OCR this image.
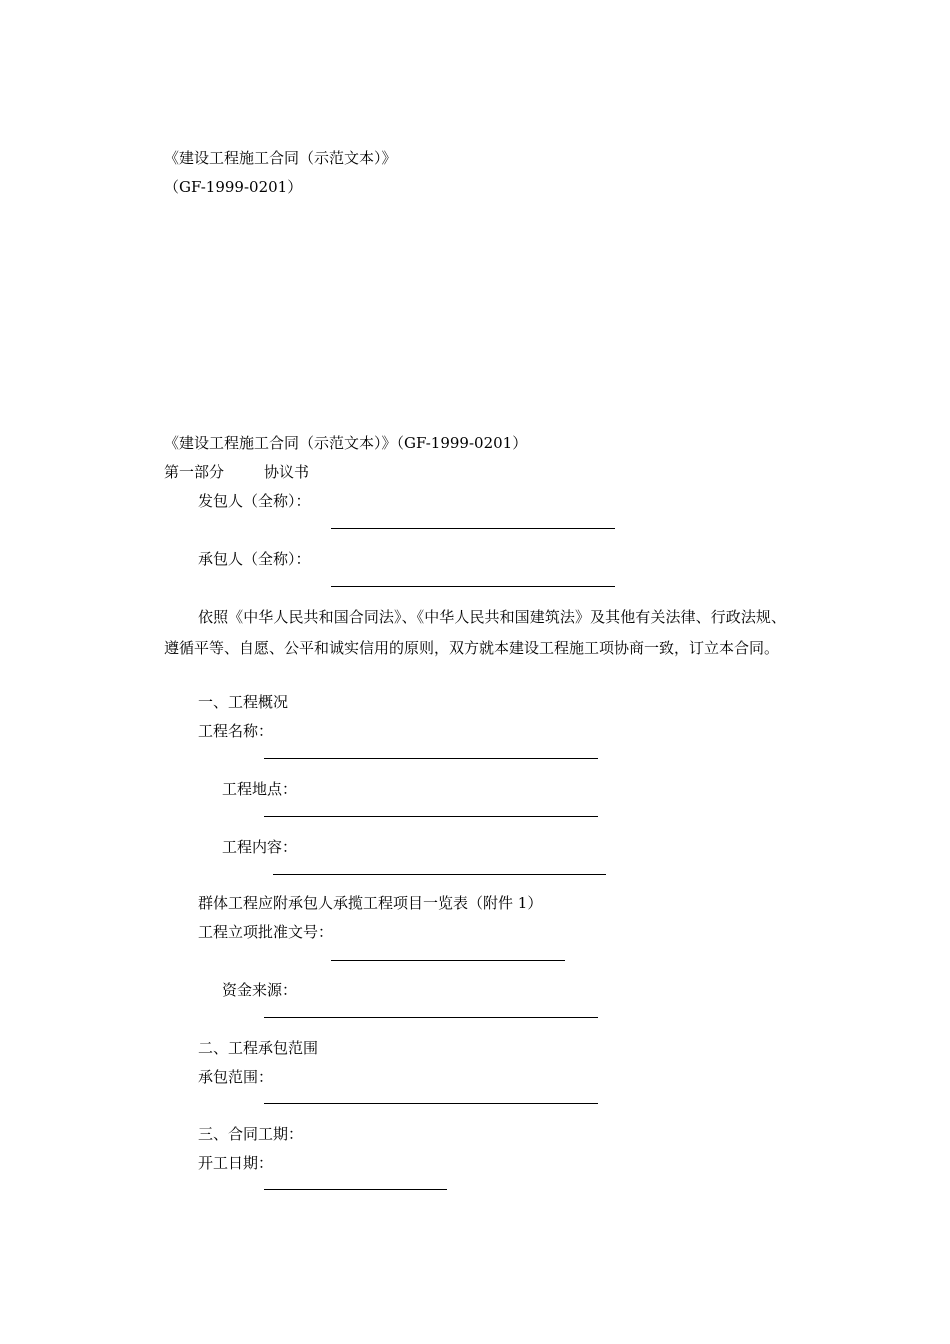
《建设工程施工合同（示范文本）》
（GF-1999-0201）
《建设工程施工合同（示范文本）》（GF-1999-0201）
第一部分	协议书
发包人（全称）：
承包人（全称）：
依照《中华人民共和国合同法》、《中华人民共和国建筑法》及其他有关法律、行政法规、遵循平等、自愿、公平和诚实信用的原则，双方就本建设工程施工项协商一致，订立本合同。
一、工程概况
工程名称：
工程地点：
工程内容：
群体工程应附承包人承揽工程项目一览表（附件 1）
工程立项批准文号：
资金来源：
二、工程承包范围
承包范围：
三、合同工期：
开工日期：
